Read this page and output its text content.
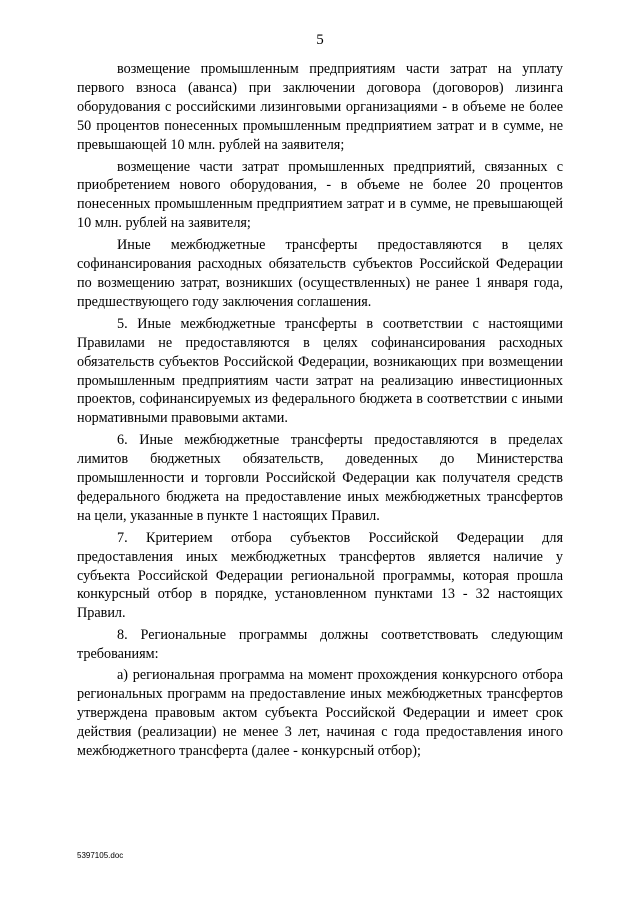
5

возмещение промышленным предприятиям части затрат на уплату первого взноса (аванса) при заключении договора (договоров) лизинга оборудования с российскими лизинговыми организациями - в объеме не более 50 процентов понесенных промышленным предприятием затрат и в сумме, не превышающей 10 млн. рублей на заявителя;

возмещение части затрат промышленных предприятий, связанных с приобретением нового оборудования, - в объеме не более 20 процентов понесенных промышленным предприятием затрат и в сумме, не превышающей 10 млн. рублей на заявителя;

Иные межбюджетные трансферты предоставляются в целях софинансирования расходных обязательств субъектов Российской Федерации по возмещению затрат, возникших (осуществленных) не ранее 1 января года, предшествующего году заключения соглашения.

5. Иные межбюджетные трансферты в соответствии с настоящими Правилами не предоставляются в целях софинансирования расходных обязательств субъектов Российской Федерации, возникающих при возмещении промышленным предприятиям части затрат на реализацию инвестиционных проектов, софинансируемых из федерального бюджета в соответствии с иными нормативными правовыми актами.

6. Иные межбюджетные трансферты предоставляются в пределах лимитов бюджетных обязательств, доведенных до Министерства промышленности и торговли Российской Федерации как получателя средств федерального бюджета на предоставление иных межбюджетных трансфертов на цели, указанные в пункте 1 настоящих Правил.

7. Критерием отбора субъектов Российской Федерации для предоставления иных межбюджетных трансфертов является наличие у субъекта Российской Федерации региональной программы, которая прошла конкурсный отбор в порядке, установленном пунктами 13 - 32 настоящих Правил.

8. Региональные программы должны соответствовать следующим требованиям:

а) региональная программа на момент прохождения конкурсного отбора региональных программ на предоставление иных межбюджетных трансфертов утверждена правовым актом субъекта Российской Федерации и имеет срок действия (реализации) не менее 3 лет, начиная с года предоставления иного межбюджетного трансферта (далее - конкурсный отбор);

5397105.doc
